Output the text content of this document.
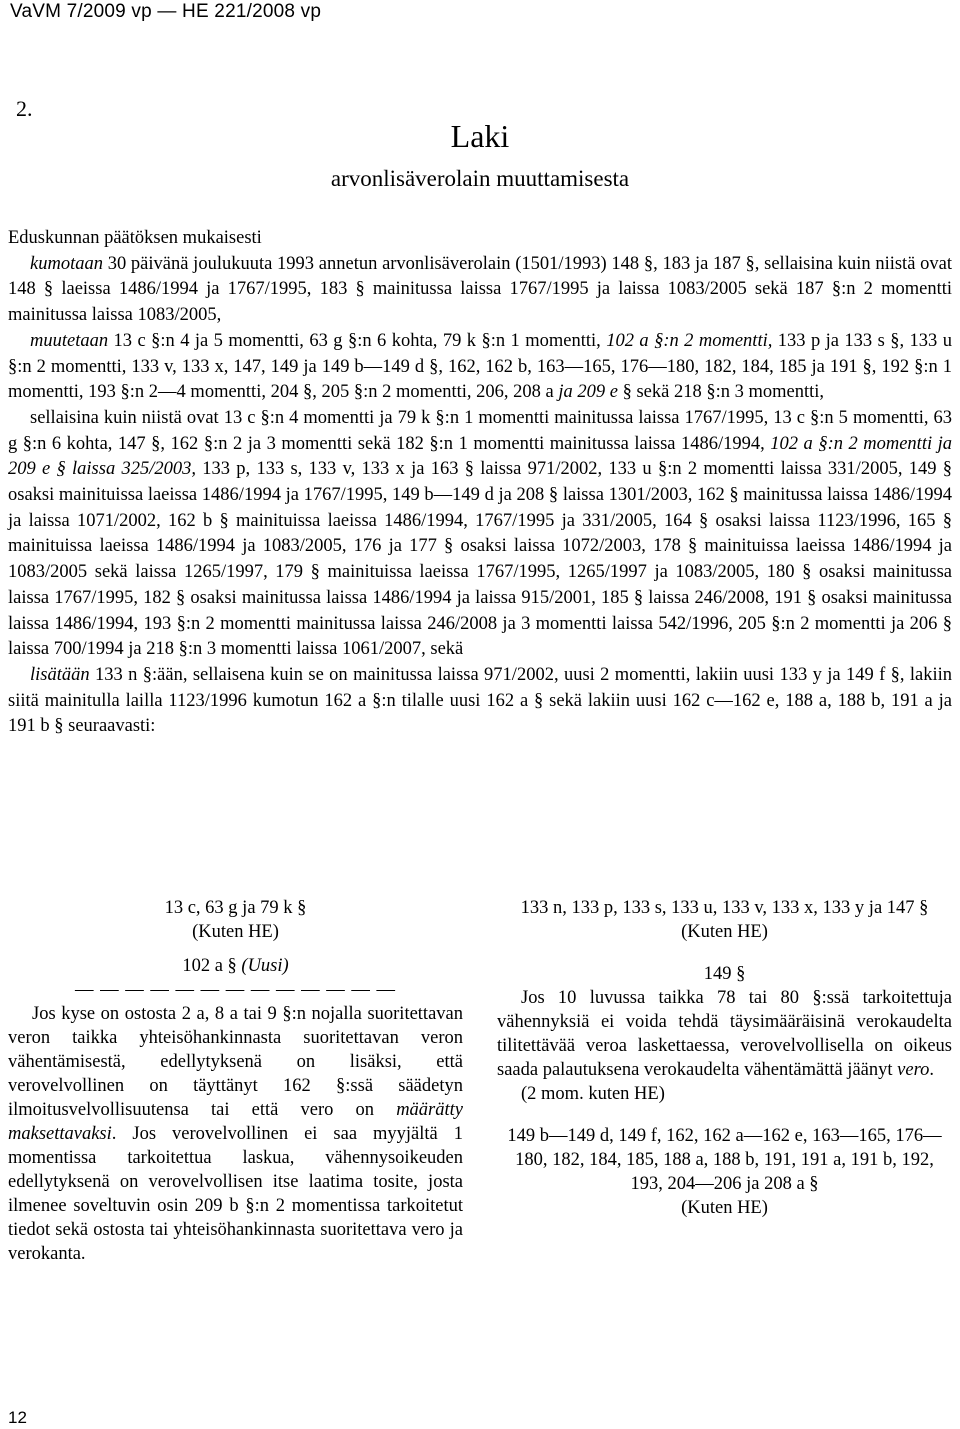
VaVM 7/2009 vp — HE 221/2008 vp
2.
Laki
arvonlisäverolain muuttamisesta

Eduskunnan päätöksen mukaisesti

kumotaan 30 päivänä joulukuuta 1993 annetun arvonlisäverolain (1501/1993) 148 §, 183 ja 187 §, sellaisina kuin niistä ovat 148 § laeissa 1486/1994 ja 1767/1995, 183 § mainitussa laissa 1767/1995 ja laissa 1083/2005 sekä 187 §:n 2 momentti mainitussa laissa 1083/2005,

muutetaan 13 c §:n 4 ja 5 momentti, 63 g §:n 6 kohta, 79 k §:n 1 momentti, 102 a §:n 2 momentti, 133 p ja 133 s §, 133 u §:n 2 momentti, 133 v, 133 x, 147, 149 ja 149 b—149 d §, 162, 162 b, 163—165, 176—180, 182, 184, 185 ja 191 §, 192 §:n 1 momentti, 193 §:n 2—4 momentti, 204 §, 205 §:n 2 momentti, 206, 208 a ja 209 e § sekä 218 §:n 3 momentti,

sellaisina kuin niistä ovat 13 c §:n 4 momentti ja 79 k §:n 1 momentti mainitussa laissa 1767/1995, 13 c §:n 5 momentti, 63 g §:n 6 kohta, 147 §, 162 §:n 2 ja 3 momentti sekä 182 §:n 1 momentti mainitussa laissa 1486/1994, 102 a §:n 2 momentti ja 209 e § laissa 325/2003, 133 p, 133 s, 133 v, 133 x ja 163 § laissa 971/2002, 133 u §:n 2 momentti laissa 331/2005, 149 § osaksi mainituissa laeissa 1486/1994 ja 1767/1995, 149 b—149 d ja 208 § laissa 1301/2003, 162 § mainitussa laissa 1486/1994 ja laissa 1071/2002, 162 b § mainituissa laeissa 1486/1994, 1767/1995 ja 331/2005, 164 § osaksi laissa 1123/1996, 165 § mainituissa laeissa 1486/1994 ja 1083/2005, 176 ja 177 § osaksi laissa 1072/2003, 178 § mainituissa laeissa 1486/1994 ja 1083/2005 sekä laissa 1265/1997, 179 § mainituissa laeissa 1767/1995, 1265/1997 ja 1083/2005, 180 § osaksi mainitussa laissa 1767/1995, 182 § osaksi mainitussa laissa 1486/1994 ja laissa 915/2001, 185 § laissa 246/2008, 191 § osaksi mainitussa laissa 1486/1994, 193 §:n 2 momentti mainitussa laissa 246/2008 ja 3 momentti laissa 542/1996, 205 §:n 2 momentti ja 206 § laissa 700/1994 ja 218 §:n 3 momentti laissa 1061/2007, sekä

lisätään 133 n §:ään, sellaisena kuin se on mainitussa laissa 971/2002, uusi 2 momentti, lakiin uusi 133 y ja 149 f §, lakiin siitä mainitulla lailla 1123/1996 kumotun 162 a §:n tilalle uusi 162 a § sekä lakiin uusi 162 c—162 e, 188 a, 188 b, 191 a ja 191 b § seuraavasti:

13 c, 63 g ja 79 k §

(Kuten HE)

102 a § (Uusi)

— — — — — — — — — — — — —

Jos kyse on ostosta 2 a, 8 a tai 9 §:n nojalla suoritettavan veron taikka yhteisöhankinnasta suoritettavan veron vähentämisestä, edellytyksenä on lisäksi, että verovelvollinen on täyttänyt 162 §:ssä säädetyn ilmoitusvelvollisuutensa tai että vero on määrätty maksettavaksi. Jos verovelvollinen ei saa myyjältä 1 momentissa tarkoitettua laskua, vähennysoikeuden edellytyksenä on verovelvollisen itse laatima tosite, josta ilmenee soveltuvin osin 209 b §:n 2 momentissa tarkoitetut tiedot sekä ostosta tai yhteisöhankinnasta suoritettava vero ja verokanta.

133 n, 133 p, 133 s, 133 u, 133 v, 133 x, 133 y ja 147 §

(Kuten HE)

149 §

Jos 10 luvussa taikka 78 tai 80 §:ssä tarkoitettuja vähennyksiä ei voida tehdä täysimääräisinä verokaudelta tilitettävää veroa laskettaessa, verovelvollisella on oikeus saada palautuksena verokaudelta vähentämättä jäänyt vero.

(2 mom. kuten HE)

149 b—149 d, 149 f, 162, 162 a—162 e, 163—165, 176—180, 182, 184, 185, 188 a, 188 b, 191, 191 a, 191 b, 192, 193, 204—206 ja 208 a §

(Kuten HE)

12
